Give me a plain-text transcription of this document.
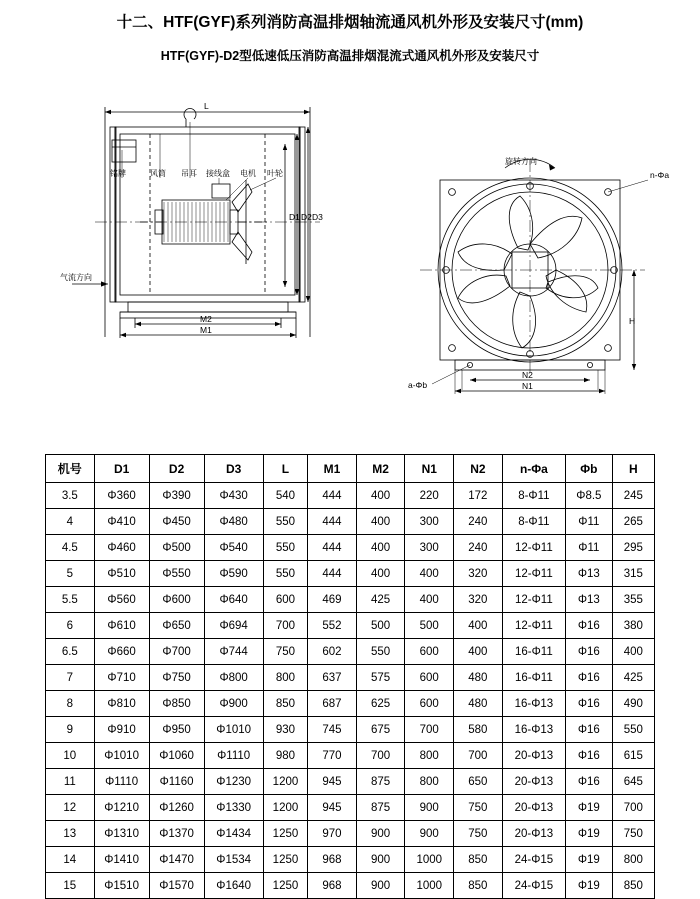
十二、HTF(GYF)系列消防高温排烟轴流通风机外形及安装尺寸(mm)
HTF(GYF)-D2型低速低压消防高温排烟混流式通风机外形及安装尺寸
铭牌	风筒 吊耳 接线盒 电机 叶轮
气流方向
D1 D2 D3
L
M2
M1
旋转方向
n-Φa
a-Φb
N2
N1
H
机号	D1	D2	D3	L	M1	M2	N1	N2	n-Φa	Φb	H
3.5	Φ360	Φ390	Φ430	540	444	400	220	172	8-Φ11	Φ8.5	245
4	Φ410	Φ450	Φ480	550	444	400	300	240	8-Φ11	Φ11	265
4.5	Φ460	Φ500	Φ540	550	444	400	300	240	12-Φ11	Φ11	295
5	Φ510	Φ550	Φ590	550	444	400	400	320	12-Φ11	Φ13	315
5.5	Φ560	Φ600	Φ640	600	469	425	400	320	12-Φ11	Φ13	355
6	Φ610	Φ650	Φ694	700	552	500	500	400	12-Φ11	Φ16	380
6.5	Φ660	Φ700	Φ744	750	602	550	600	400	16-Φ11	Φ16	400
7	Φ710	Φ750	Φ800	800	637	575	600	480	16-Φ11	Φ16	425
8	Φ810	Φ850	Φ900	850	687	625	600	480	16-Φ13	Φ16	490
9	Φ910	Φ950	Φ1010	930	745	675	700	580	16-Φ13	Φ16	550
10	Φ1010	Φ1060	Φ1110	980	770	700	800	700	20-Φ13	Φ16	615
11	Φ1110	Φ1160	Φ1230	1200	945	875	800	650	20-Φ13	Φ16	645
12	Φ1210	Φ1260	Φ1330	1200	945	875	900	750	20-Φ13	Φ19	700
13	Φ1310	Φ1370	Φ1434	1250	970	900	900	750	20-Φ13	Φ19	750
14	Φ1410	Φ1470	Φ1534	1250	968	900	1000	850	24-Φ15	Φ19	800
15	Φ1510	Φ1570	Φ1640	1250	968	900	1000	850	24-Φ15	Φ19	850
